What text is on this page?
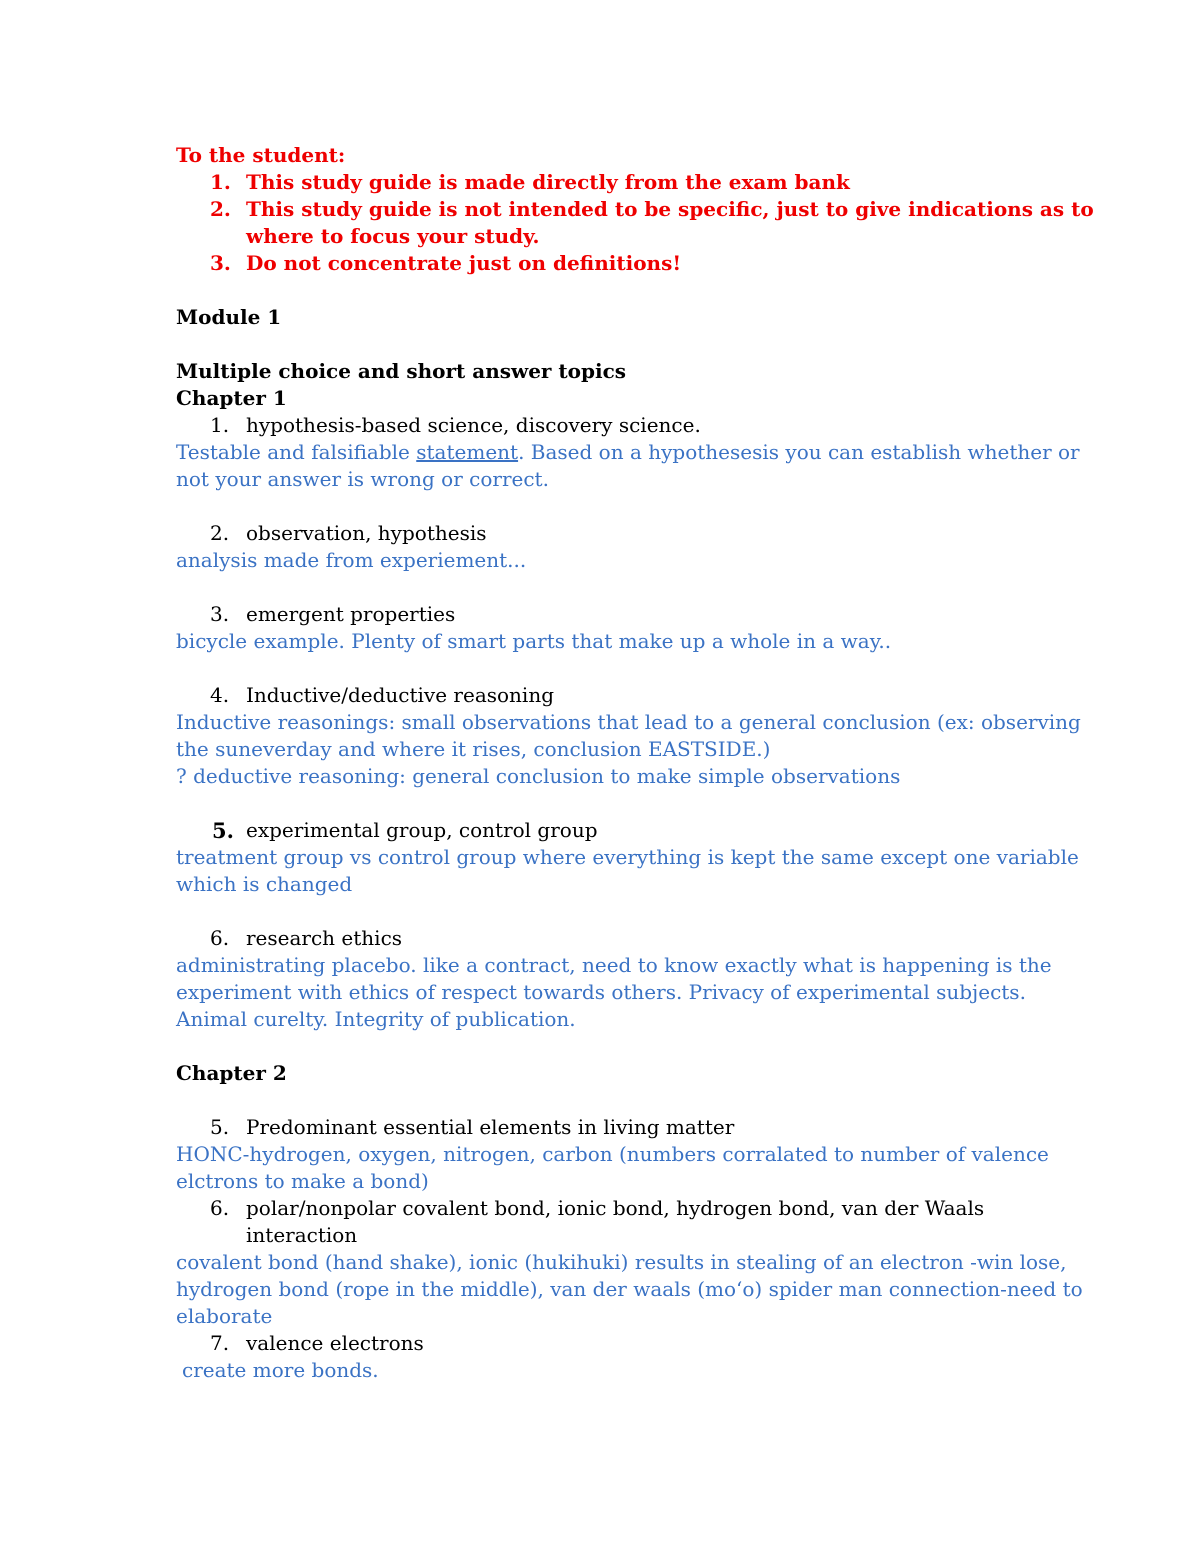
To the student:
1. This study guide is made directly from the exam bank
2. This study guide is not intended to be specific, just to give indications as to
where to focus your study.
3. Do not concentrate just on definitions!
Module 1
Multiple choice and short answer topics
Chapter 1
1. hypothesis-based science, discovery science.
Testable and falsifiable statement. Based on a hypothesesis you can establish whether or
not your answer is wrong or correct.
2. observation, hypothesis
analysis made from experiement...
3. emergent properties
bicycle example. Plenty of smart parts that make up a whole in a way..
4. Inductive/deductive reasoning
Inductive reasonings: small observations that lead to a general conclusion (ex: observing
the suneverday and where it rises, conclusion EASTSIDE.)
? deductive reasoning: general conclusion to make simple observations
5. experimental group, control group
treatment group vs control group where everything is kept the same except one variable
which is changed
6. research ethics
administrating placebo. like a contract, need to know exactly what is happening is the
experiment with ethics of respect towards others. Privacy of experimental subjects.
Animal curelty. Integrity of publication.
Chapter 2
5. Predominant essential elements in living matter
HONC-hydrogen, oxygen, nitrogen, carbon (numbers corralated to number of valence
elctrons to make a bond)
6. polar/nonpolar covalent bond, ionic bond, hydrogen bond, van der Waals
interaction
covalent bond (hand shake), ionic (hukihuki) results in stealing of an electron -win lose,
hydrogen bond (rope in the middle), van der waals (mo‘o) spider man connection-need to
elaborate
7. valence electrons
create more bonds.
